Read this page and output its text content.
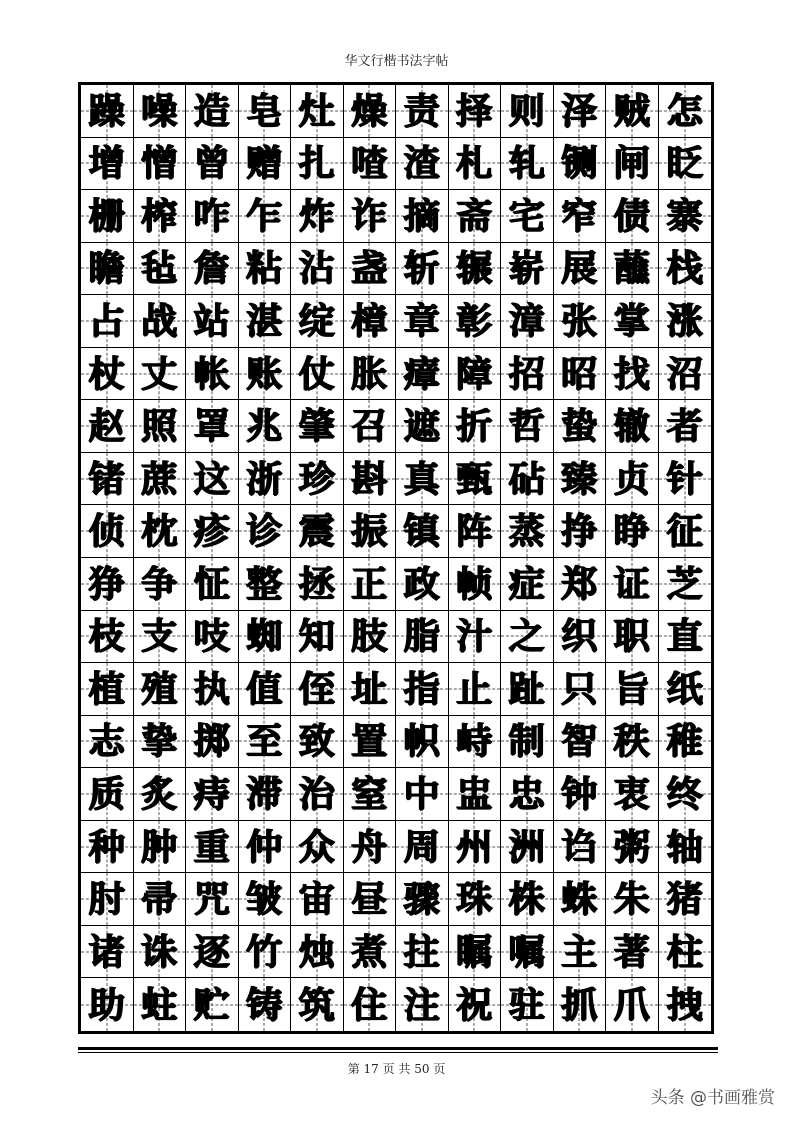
华文行楷书法字帖
躁 噪 造 皂 灶 燥 责 择 则 泽 贼 怎
增 憎 曾 赠 扎 喳 渣 札 轧 铡 闸 眨
栅 榨 咋 乍 炸 诈 摘 斋 宅 窄 债 寨
瞻 毡 詹 粘 沾 盏 斩 辗 崭 展 蘸 栈
占 战 站 湛 绽 樟 章 彰 漳 张 掌 涨
杖 丈 帐 账 仗 胀 瘴 障 招 昭 找 沼
赵 照 罩 兆 肇 召 遮 折 哲 蛰 辙 者
锗 蔗 这 浙 珍 斟 真 甄 砧 臻 贞 针
侦 枕 疹 诊 震 振 镇 阵 蒸 挣 睁 征
狰 争 怔 整 拯 正 政 帧 症 郑 证 芝
枝 支 吱 蜘 知 肢 脂 汁 之 织 职 直
植 殖 执 值 侄 址 指 止 趾 只 旨 纸
志 挚 掷 至 致 置 帜 峙 制 智 秩 稚
质 炙 痔 滞 治 窒 中 盅 忠 钟 衷 终
种 肿 重 仲 众 舟 周 州 洲 诌 粥 轴
肘 帚 咒 皱 宙 昼 骤 珠 株 蛛 朱 猪
诸 诛 逐 竹 烛 煮 拄 瞩 嘱 主 著 柱
助 蛀 贮 铸 筑 住 注 祝 驻 抓 爪 拽
第 17 页 共 50 页
头条 @书画雅赏
